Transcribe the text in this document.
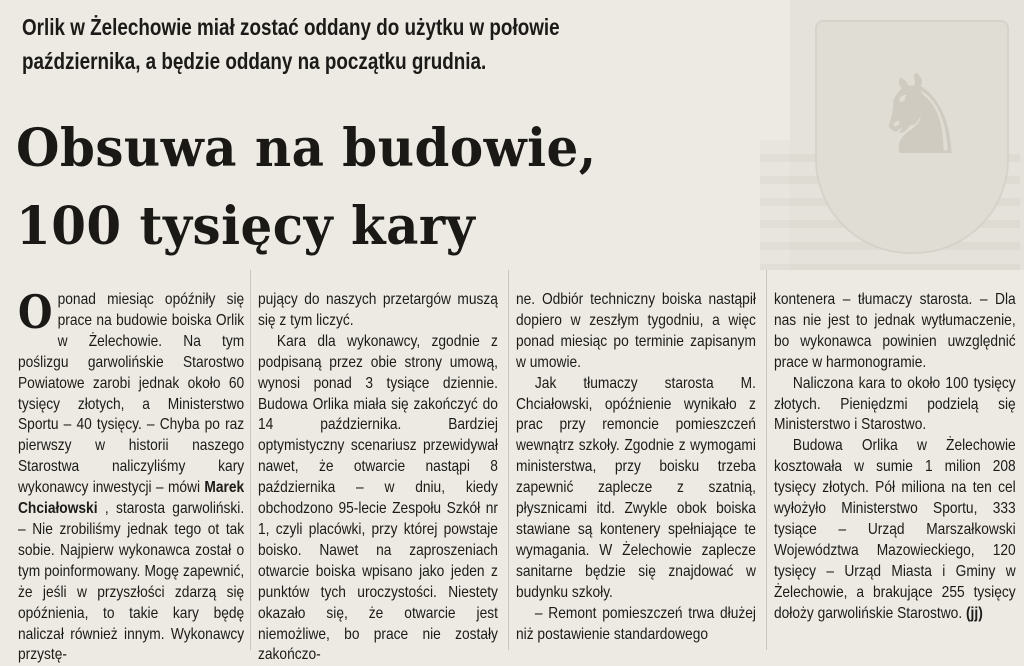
♞
Orlik w Żelechowie miał zostać oddany do użytku w połowie października, a będzie oddany na początku grudnia.
Obsuwa na budowie,
100 tysięcy kary

O ponad miesiąc opóźniły się prace na budowie boiska Orlik w Żelechowie. Na tym poślizgu garwolińskie Starostwo Powiatowe zarobi jednak około 60 tysięcy złotych, a Ministerstwo Sportu – 40 tysięcy. – Chyba po raz pierwszy w historii naszego Starostwa naliczyliśmy kary wykonawcy inwestycji – mówi Marek Chciałowski , starosta garwoliński. – Nie zrobiliśmy jednak tego ot tak sobie. Najpierw wykonawca został o tym poinformowany. Mogę zapewnić, że jeśli w przyszłości zdarzą się opóźnienia, to takie kary będę naliczał również innym. Wykonawcy przystę-

pujący do naszych przetargów muszą się z tym liczyć.

Kara dla wykonawcy, zgodnie z podpisaną przez obie strony umową, wynosi ponad 3 tysiące dziennie. Budowa Orlika miała się zakończyć do 14 października. Bardziej optymistyczny scenariusz przewidywał nawet, że otwarcie nastąpi 8 października – w dniu, kiedy obchodzono 95-lecie Zespołu Szkół nr 1, czyli placówki, przy której powstaje boisko. Nawet na zaproszeniach otwarcie boiska wpisano jako jeden z punktów tych uroczystości. Niestety okazało się, że otwarcie jest niemożliwe, bo prace nie zostały zakończo-

ne. Odbiór techniczny boiska nastąpił dopiero w zeszłym tygodniu, a więc ponad miesiąc po terminie zapisanym w umowie.

Jak tłumaczy starosta M. Chciałowski, opóźnienie wynikało z prac przy remoncie pomieszczeń wewnątrz szkoły. Zgodnie z wymogami ministerstwa, przy boisku trzeba zapewnić zaplecze z szatnią, płysznicami itd. Zwykle obok boiska stawiane są kontenery spełniające te wymagania. W Żelechowie zaplecze sanitarne będzie się znajdować w budynku szkoły.

– Remont pomieszczeń trwa dłużej niż postawienie standardowego

kontenera – tłumaczy starosta. – Dla nas nie jest to jednak wytłumaczenie, bo wykonawca powinien uwzględnić prace w harmonogramie.

Naliczona kara to około 100 tysięcy złotych. Pieniędzmi podzielą się Ministerstwo i Starostwo.

Budowa Orlika w Żelechowie kosztowała w sumie 1 milion 208 tysięcy złotych. Pół miliona na ten cel wyłożyło Ministerstwo Sportu, 333 tysiące – Urząd Marszałkowski Województwa Mazowieckiego, 120 tysięcy – Urząd Miasta i Gminy w Żelechowie, a brakujące 255 tysięcy dołoży garwolińskie Starostwo. (jj)
